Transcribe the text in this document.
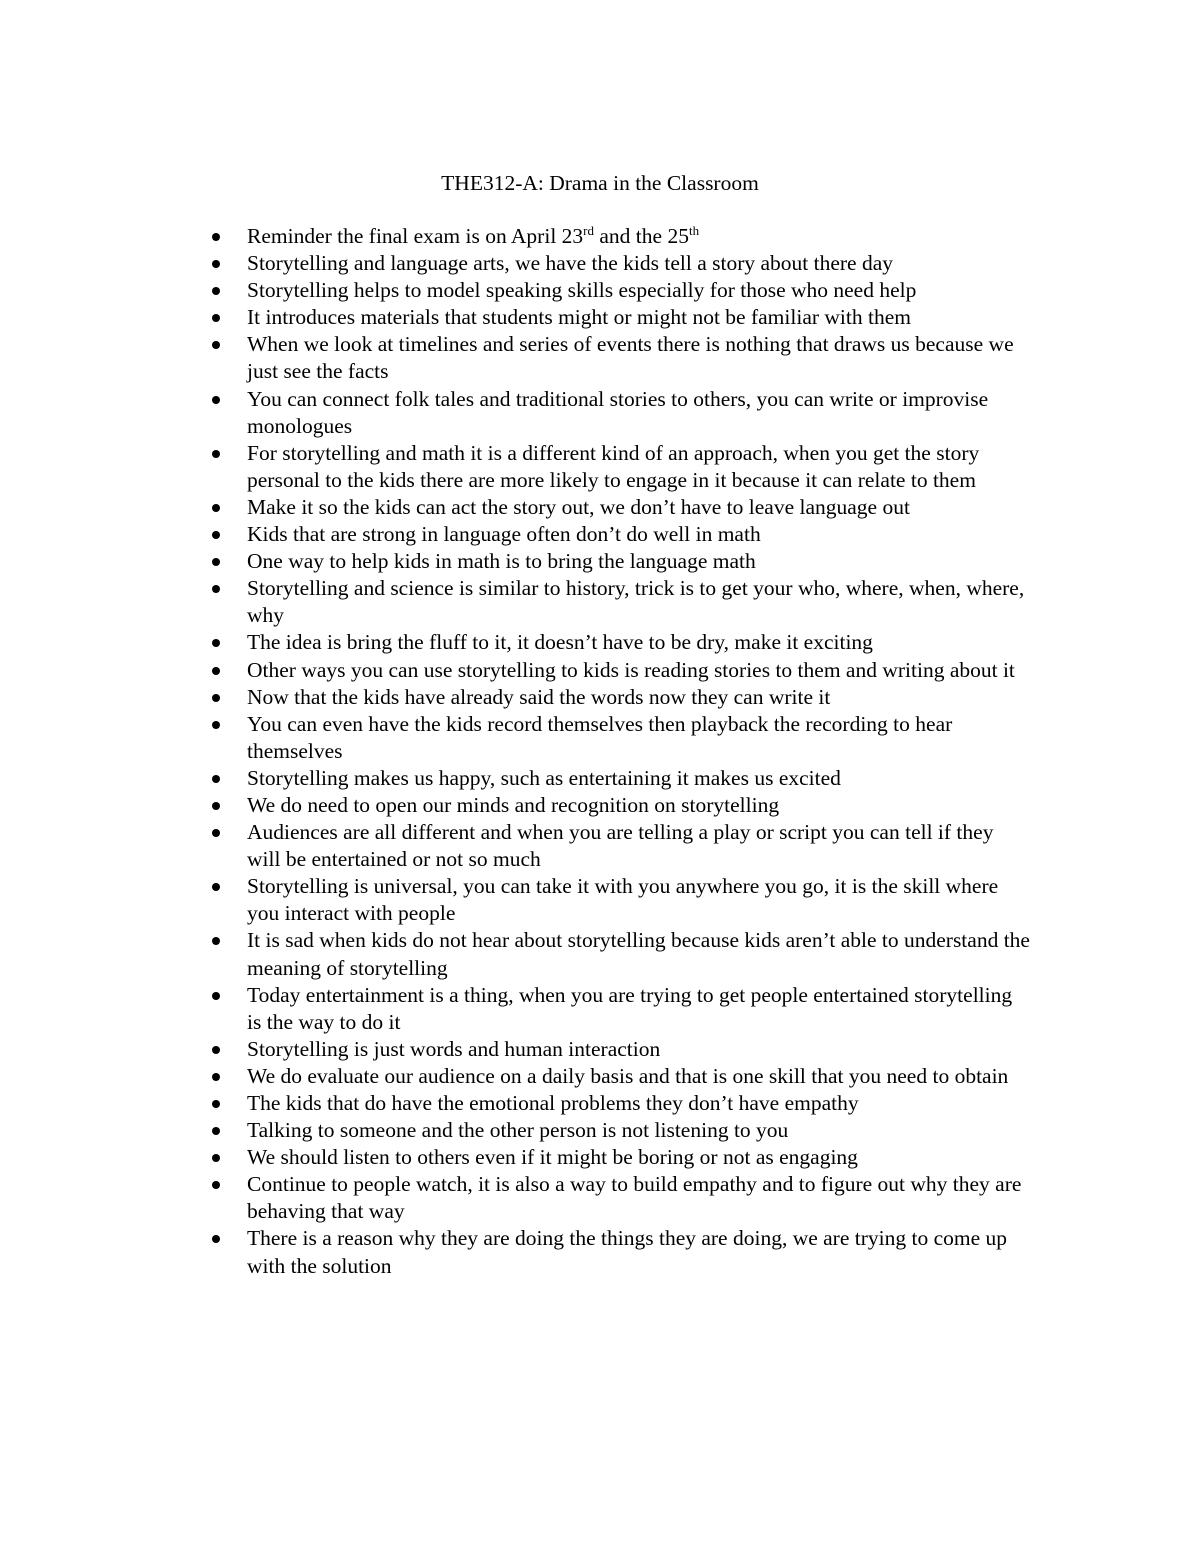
THE312-A: Drama in the Classroom
Reminder the final exam is on April 23rd and the 25th
Storytelling and language arts, we have the kids tell a story about there day
Storytelling helps to model speaking skills especially for those who need help
It introduces materials that students might or might not be familiar with them
When we look at timelines and series of events there is nothing that draws us because we just see the facts
You can connect folk tales and traditional stories to others, you can write or improvise monologues
For storytelling and math it is a different kind of an approach, when you get the story personal to the kids there are more likely to engage in it because it can relate to them
Make it so the kids can act the story out, we don’t have to leave language out
Kids that are strong in language often don’t do well in math
One way to help kids in math is to bring the language math
Storytelling and science is similar to history, trick is to get your who, where, when, where, why
The idea is bring the fluff to it, it doesn’t have to be dry, make it exciting
Other ways you can use storytelling to kids is reading stories to them and writing about it
Now that the kids have already said the words now they can write it
You can even have the kids record themselves then playback the recording to hear themselves
Storytelling makes us happy, such as entertaining it makes us excited
We do need to open our minds and recognition on storytelling
Audiences are all different and when you are telling a play or script you can tell if they will be entertained or not so much
Storytelling is universal, you can take it with you anywhere you go, it is the skill where you interact with people
It is sad when kids do not hear about storytelling because kids aren’t able to understand the meaning of storytelling
Today entertainment is a thing, when you are trying to get people entertained storytelling is the way to do it
Storytelling is just words and human interaction
We do evaluate our audience on a daily basis and that is one skill that you need to obtain
The kids that do have the emotional problems they don’t have empathy
Talking to someone and the other person is not listening to you
We should listen to others even if it might be boring or not as engaging
Continue to people watch, it is also a way to build empathy and to figure out why they are behaving that way
There is a reason why they are doing the things they are doing, we are trying to come up with the solution
